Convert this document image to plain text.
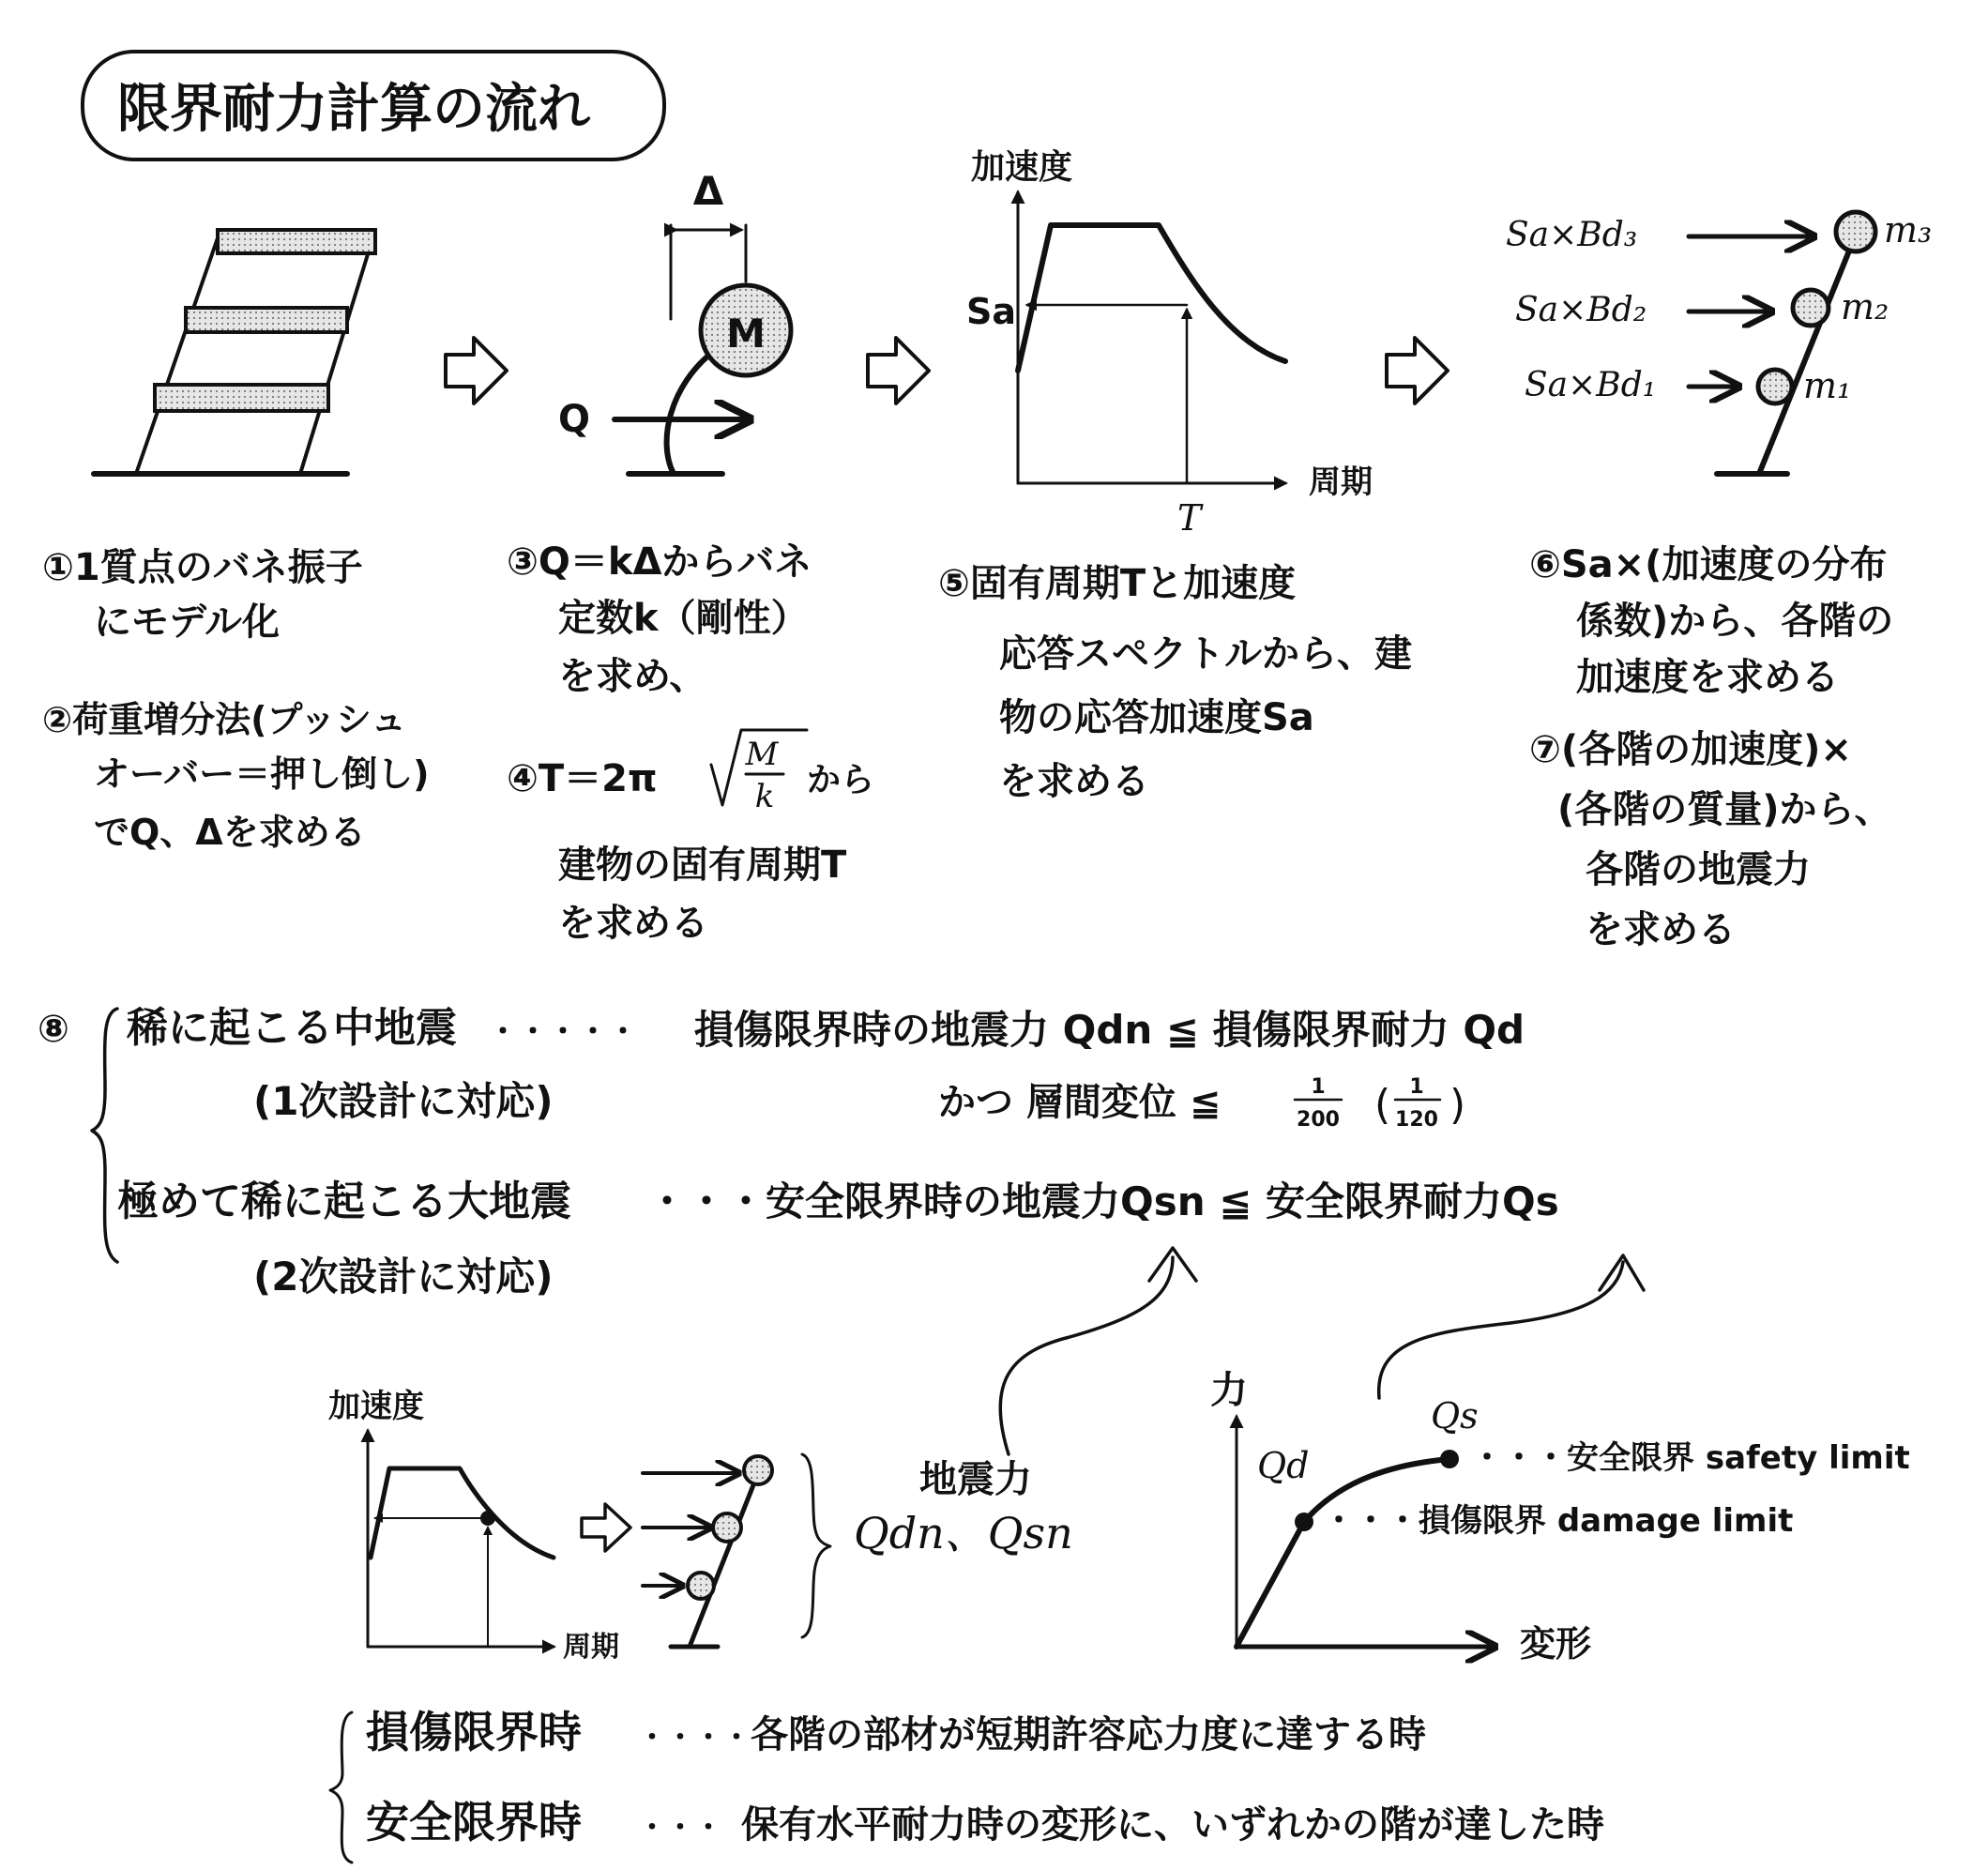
限界耐力計算の流れ
M
Δ
Q
加速度
周期
Sa
T
Sa×Bd₃
Sa×Bd₂
Sa×Bd₁
m₃
m₂
m₁
①1質点のバネ振子
にモデル化
②荷重増分法(プッシュ
オーバー＝押し倒し)
でQ、Δを求める
③Q＝kΔからバネ
定数k（剛性）
を求め、
④T＝2π
M
k から
建物の固有周期T
を求める
⑤固有周期Tと加速度
応答スペクトルから、建
物の応答加速度Sa
を求める
⑥Sa×(加速度の分布
係数)から、各階の
加速度を求める
⑦(各階の加速度)×
(各階の質量)から、
各階の地震力
を求める
⑧ 稀に起こる中地震 ・・・・・
(1次設計に対応)
損傷限界時の地震力 Qdn ≦ 損傷限界耐力 Qd
かつ 層間変位 ≦	1
200 ( 1
120 )
極めて稀に起こる大地震 ・・・安全限界時の地震力Qsn ≦ 安全限界耐力Qs
(2次設計に対応)
加速度
周期
地震力
Qdn、Qsn
力
変形
Qd
Qs
・・・安全限界 safety limit
・・・損傷限界 damage limit
損傷限界時 ・・・・ 各階の部材が短期許容応力度に達する時
安全限界時 ・・・ 保有水平耐力時の変形に、いずれかの階が達した時
